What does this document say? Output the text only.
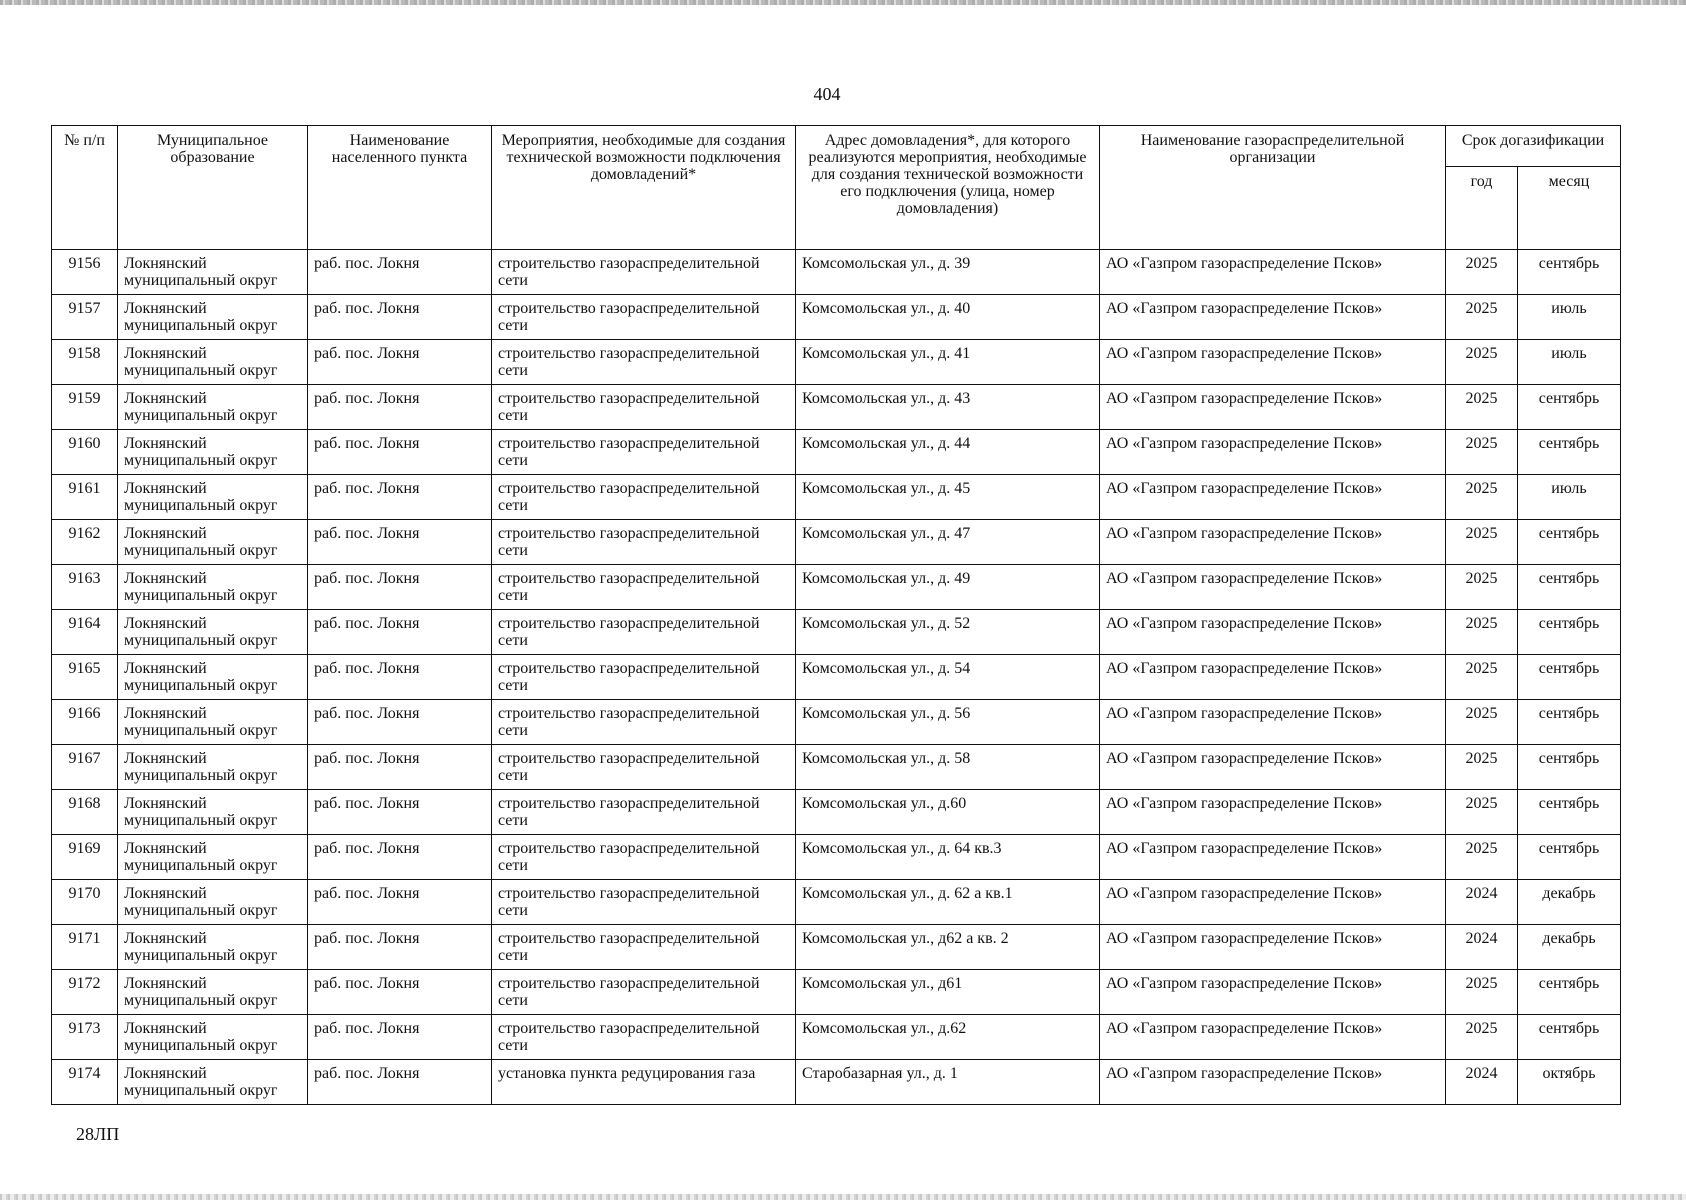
404
№ п/п	Муниципальное образование	Наименование населенного пункта	Мероприятия, необходимые для создания технической возможности подключения домовладений*	Адрес домовладения*, для которого реализуются мероприятия, необходимые для создания технической возможности его подключения (улица, номер домовладения)	Наименование газораспределительной организации	Срок догазификации	
						год	месяц
9156	Локнянский муниципальный округ	раб. пос. Локня	строительство газораспределительной сети	Комсомольская ул., д. 39	АО «Газпром газораспределение Псков»	2025	сентябрь
9157	Локнянский муниципальный округ	раб. пос. Локня	строительство газораспределительной сети	Комсомольская ул., д. 40	АО «Газпром газораспределение Псков»	2025	июль
9158	Локнянский муниципальный округ	раб. пос. Локня	строительство газораспределительной сети	Комсомольская ул., д. 41	АО «Газпром газораспределение Псков»	2025	июль
9159	Локнянский муниципальный округ	раб. пос. Локня	строительство газораспределительной сети	Комсомольская ул., д. 43	АО «Газпром газораспределение Псков»	2025	сентябрь
9160	Локнянский муниципальный округ	раб. пос. Локня	строительство газораспределительной сети	Комсомольская ул., д. 44	АО «Газпром газораспределение Псков»	2025	сентябрь
9161	Локнянский муниципальный округ	раб. пос. Локня	строительство газораспределительной сети	Комсомольская ул., д. 45	АО «Газпром газораспределение Псков»	2025	июль
9162	Локнянский муниципальный округ	раб. пос. Локня	строительство газораспределительной сети	Комсомольская ул., д. 47	АО «Газпром газораспределение Псков»	2025	сентябрь
9163	Локнянский муниципальный округ	раб. пос. Локня	строительство газораспределительной сети	Комсомольская ул., д. 49	АО «Газпром газораспределение Псков»	2025	сентябрь
9164	Локнянский муниципальный округ	раб. пос. Локня	строительство газораспределительной сети	Комсомольская ул., д. 52	АО «Газпром газораспределение Псков»	2025	сентябрь
9165	Локнянский муниципальный округ	раб. пос. Локня	строительство газораспределительной сети	Комсомольская ул., д. 54	АО «Газпром газораспределение Псков»	2025	сентябрь
9166	Локнянский муниципальный округ	раб. пос. Локня	строительство газораспределительной сети	Комсомольская ул., д. 56	АО «Газпром газораспределение Псков»	2025	сентябрь
9167	Локнянский муниципальный округ	раб. пос. Локня	строительство газораспределительной сети	Комсомольская ул., д. 58	АО «Газпром газораспределение Псков»	2025	сентябрь
9168	Локнянский муниципальный округ	раб. пос. Локня	строительство газораспределительной сети	Комсомольская ул., д.60	АО «Газпром газораспределение Псков»	2025	сентябрь
9169	Локнянский муниципальный округ	раб. пос. Локня	строительство газораспределительной сети	Комсомольская ул., д. 64 кв.3	АО «Газпром газораспределение Псков»	2025	сентябрь
9170	Локнянский муниципальный округ	раб. пос. Локня	строительство газораспределительной сети	Комсомольская ул., д. 62 а кв.1	АО «Газпром газораспределение Псков»	2024	декабрь
9171	Локнянский муниципальный округ	раб. пос. Локня	строительство газораспределительной сети	Комсомольская ул., д62 а кв. 2	АО «Газпром газораспределение Псков»	2024	декабрь
9172	Локнянский муниципальный округ	раб. пос. Локня	строительство газораспределительной сети	Комсомольская ул., д61	АО «Газпром газораспределение Псков»	2025	сентябрь
9173	Локнянский муниципальный округ	раб. пос. Локня	строительство газораспределительной сети	Комсомольская ул., д.62	АО «Газпром газораспределение Псков»	2025	сентябрь
9174	Локнянский муниципальный округ	раб. пос. Локня	установка пункта редуцирования газа	Старобазарная ул., д. 1	АО «Газпром газораспределение Псков»	2024	октябрь
28ЛП
